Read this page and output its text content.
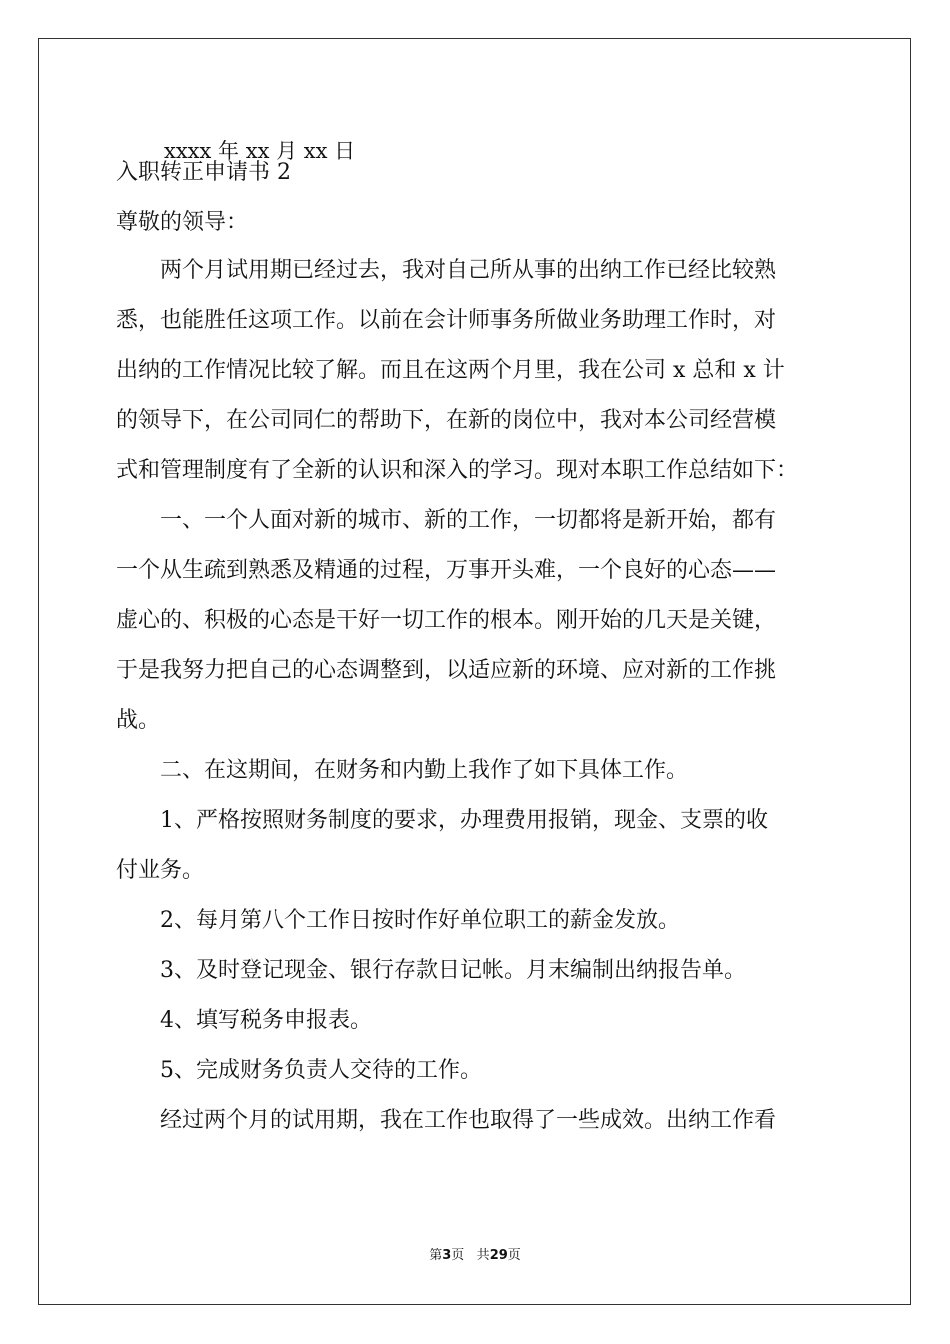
xxxx 年 xx 月 xx 日
入职转正申请书 2
尊敬的领导：
两个月试用期已经过去，我对自己所从事的出纳工作已经比较熟
悉，也能胜任这项工作。以前在会计师事务所做业务助理工作时，对
出纳的工作情况比较了解。而且在这两个月里，我在公司 x 总和 x 计
的领导下，在公司同仁的帮助下，在新的岗位中，我对本公司经营模
式和管理制度有了全新的认识和深入的学习。现对本职工作总结如下：
一、一个人面对新的城市、新的工作，一切都将是新开始，都有
一个从生疏到熟悉及精通的过程，万事开头难，一个良好的心态——
虚心的、积极的心态是干好一切工作的根本。刚开始的几天是关键，
于是我努力把自己的心态调整到，以适应新的环境、应对新的工作挑
战。
二、在这期间，在财务和内勤上我作了如下具体工作。
1、严格按照财务制度的要求，办理费用报销，现金、支票的收
付业务。
2、每月第八个工作日按时作好单位职工的薪金发放。
3、及时登记现金、银行存款日记帐。月末编制出纳报告单。
4、填写税务申报表。
5、完成财务负责人交待的工作。
经过两个月的试用期，我在工作也取得了一些成效。出纳工作看
第3页 共29页
